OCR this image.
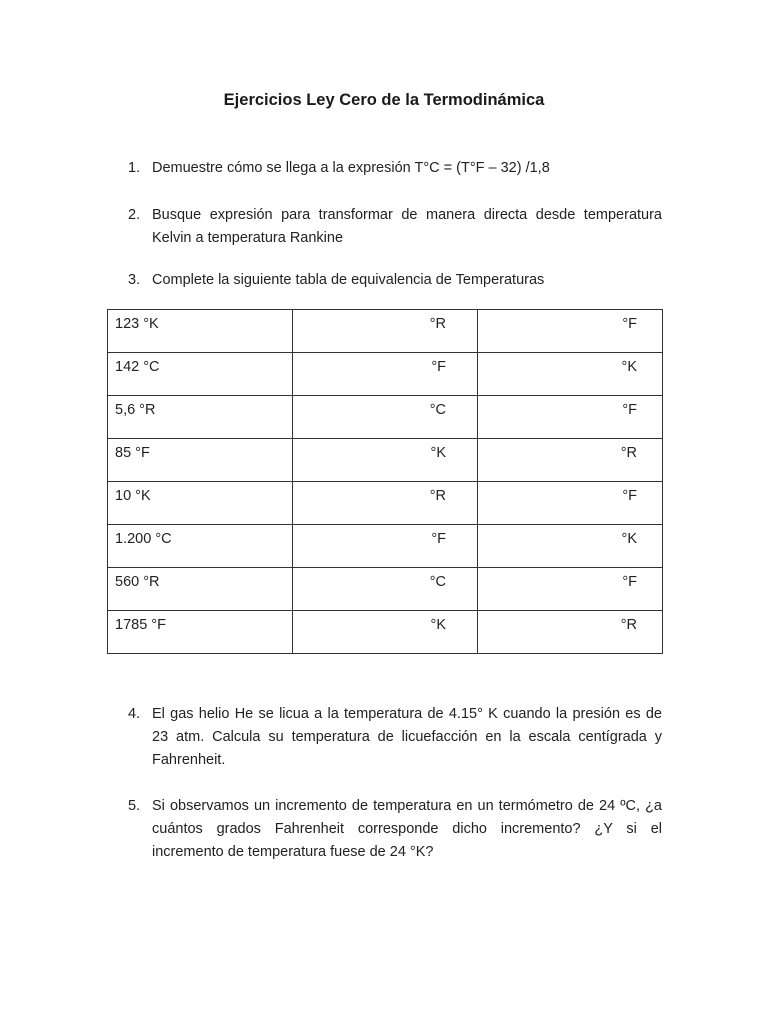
Ejercicios Ley Cero de la Termodinámica
1. Demuestre cómo se llega a la expresión T°C = (T°F – 32) /1,8
2. Busque expresión para transformar de manera directa desde temperatura
Kelvin a temperatura Rankine
3. Complete la siguiente tabla de equivalencia de Temperaturas
123 °K	°R	°F

142 °C	°F	°K

5,6 °R	°C	°F

85 °F	°K	°R

10 °K	°R	°F

1.200 °C	°F	°K

560 °R	°C	°F

1785 °F	°K	°R
4. El gas helio He se licua a la temperatura de 4.15° K cuando la presión es de
23 atm. Calcula su temperatura de licuefacción en la escala centígrada y
Fahrenheit.
5. Si observamos un incremento de temperatura en un termómetro de 24 ºC, ¿a
cuántos grados Fahrenheit corresponde dicho incremento? ¿Y si el
incremento de temperatura fuese de 24 °K?
